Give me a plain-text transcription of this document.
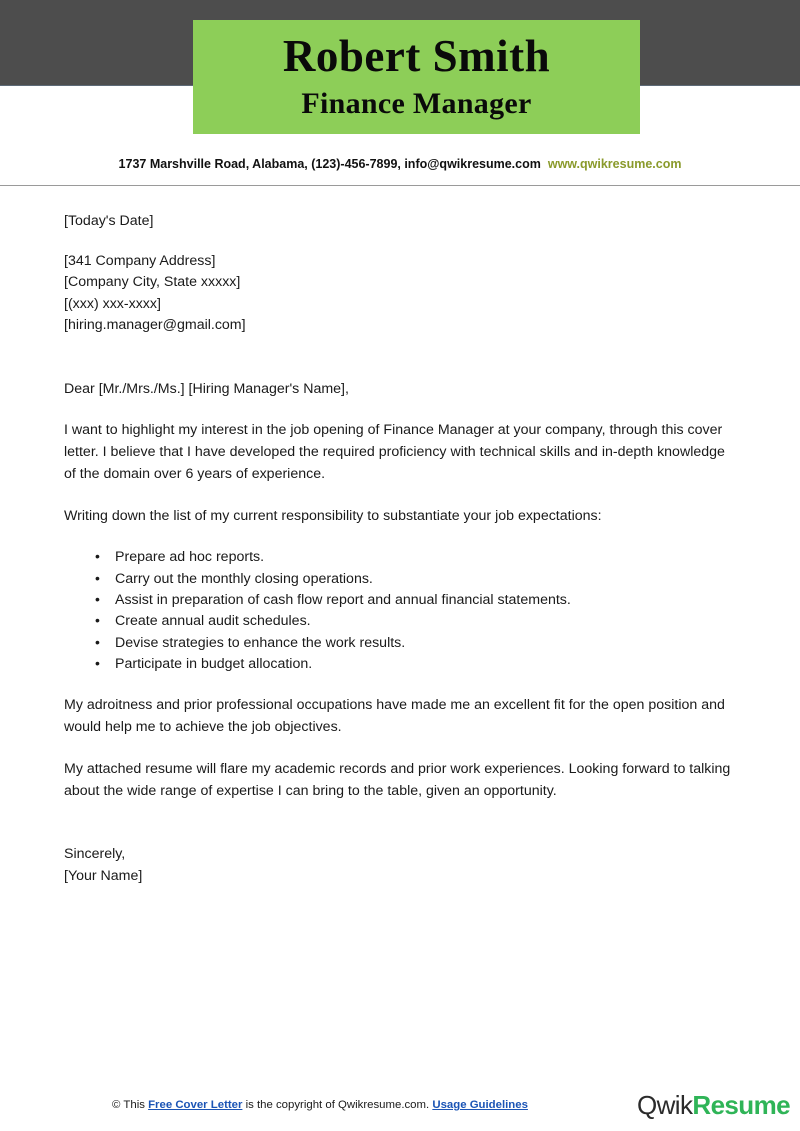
Robert Smith
Finance Manager
1737 Marshville Road, Alabama, (123)-456-7899, info@qwikresume.com www.qwikresume.com
[Today's Date]
[341 Company Address]
[Company City, State xxxxx]
[(xxx) xxx-xxxx]
[hiring.manager@gmail.com]
Dear [Mr./Mrs./Ms.] [Hiring Manager's Name],
I want to highlight my interest in the job opening of Finance Manager at your company, through this cover letter. I believe that I have developed the required proficiency with technical skills and in-depth knowledge of the domain over 6 years of experience.
Writing down the list of my current responsibility to substantiate your job expectations:
• Prepare ad hoc reports.
• Carry out the monthly closing operations.
• Assist in preparation of cash flow report and annual financial statements.
• Create annual audit schedules.
• Devise strategies to enhance the work results.
• Participate in budget allocation.
My adroitness and prior professional occupations have made me an excellent fit for the open position and would help me to achieve the job objectives.
My attached resume will flare my academic records and prior work experiences. Looking forward to talking about the wide range of expertise I can bring to the table, given an opportunity.
Sincerely,
[Your Name]
© This Free Cover Letter is the copyright of Qwikresume.com. Usage Guidelines	QwikResume
